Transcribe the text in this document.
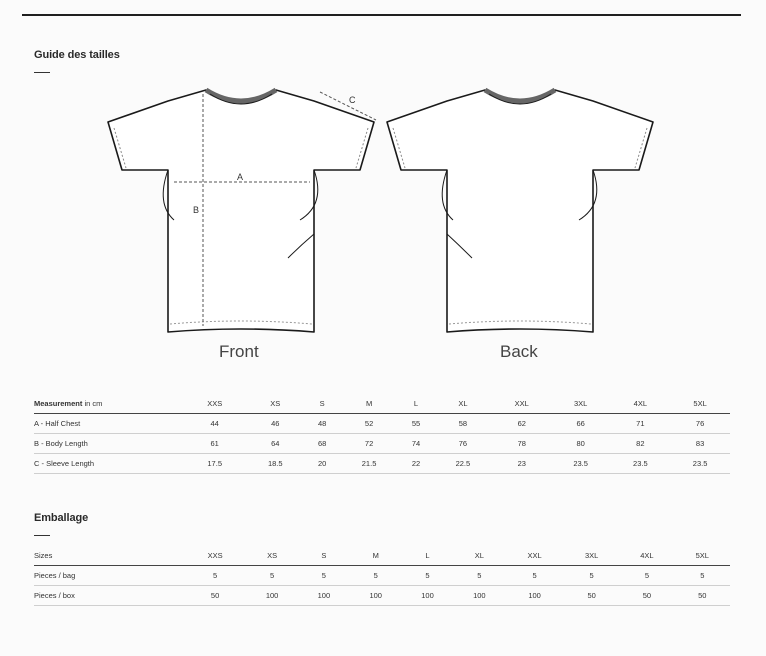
Guide des tailles
A
B
C
Front	Back
Measurement in cm	XXS	XS	S	M	L	XL	XXL	3XL	4XL	5XL
A - Half Chest	44	46	48	52	55	58	62	66	71	76
B - Body Length	61	64	68	72	74	76	78	80	82	83
C - Sleeve Length	17.5	18.5	20	21.5	22	22.5	23	23.5	23.5	23.5
Emballage
Sizes	XXS	XS	S	M	L	XL	XXL	3XL	4XL	5XL
Pieces / bag	5	5	5	5	5	5	5	5	5	5
Pieces / box	50	100	100	100	100	100	100	50	50	50
